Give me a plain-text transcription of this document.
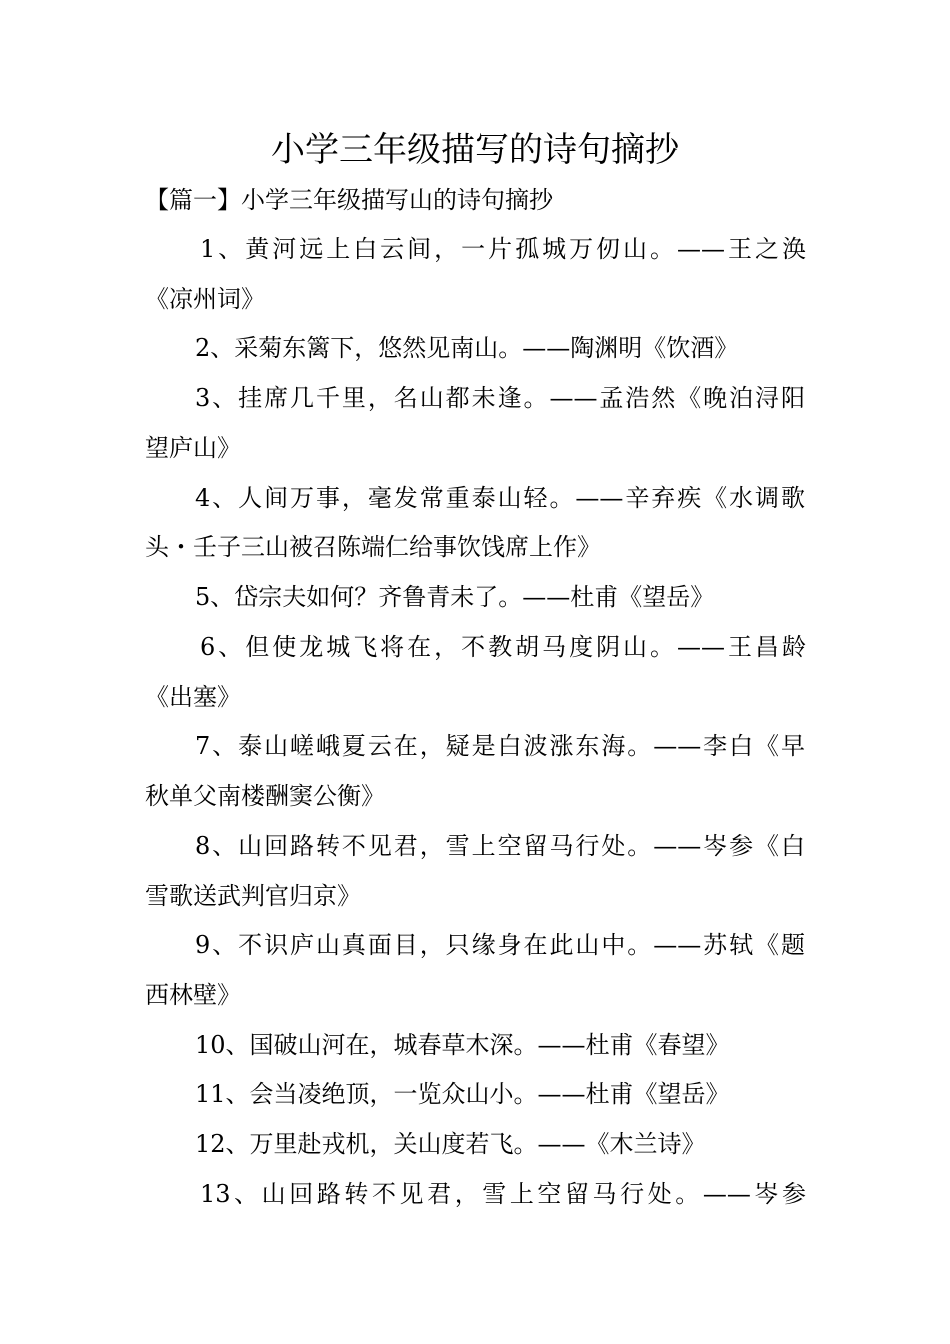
小学三年级描写的诗句摘抄
【篇一】小学三年级描写山的诗句摘抄
1、黄河远上白云间，一片孤城万仞山。——王之涣
《凉州词》
2、采菊东篱下，悠然见南山。——陶渊明《饮酒》
3、挂席几千里，名山都未逢。——孟浩然《晚泊浔阳
望庐山》
4、人间万事，毫发常重泰山轻。——辛弃疾《水调歌
头・壬子三山被召陈端仁给事饮饯席上作》
5、岱宗夫如何？齐鲁青未了。——杜甫《望岳》
6、但使龙城飞将在，不教胡马度阴山。——王昌龄
《出塞》
7、泰山嵯峨夏云在，疑是白波涨东海。——李白《早
秋单父南楼酬窦公衡》
8、山回路转不见君，雪上空留马行处。——岑参《白
雪歌送武判官归京》
9、不识庐山真面目，只缘身在此山中。——苏轼《题
西林壁》
10、国破山河在，城春草木深。——杜甫《春望》
11、会当凌绝顶，一览众山小。——杜甫《望岳》
12、万里赴戎机，关山度若飞。——《木兰诗》
13、山回路转不见君，雪上空留马行处。——岑参
